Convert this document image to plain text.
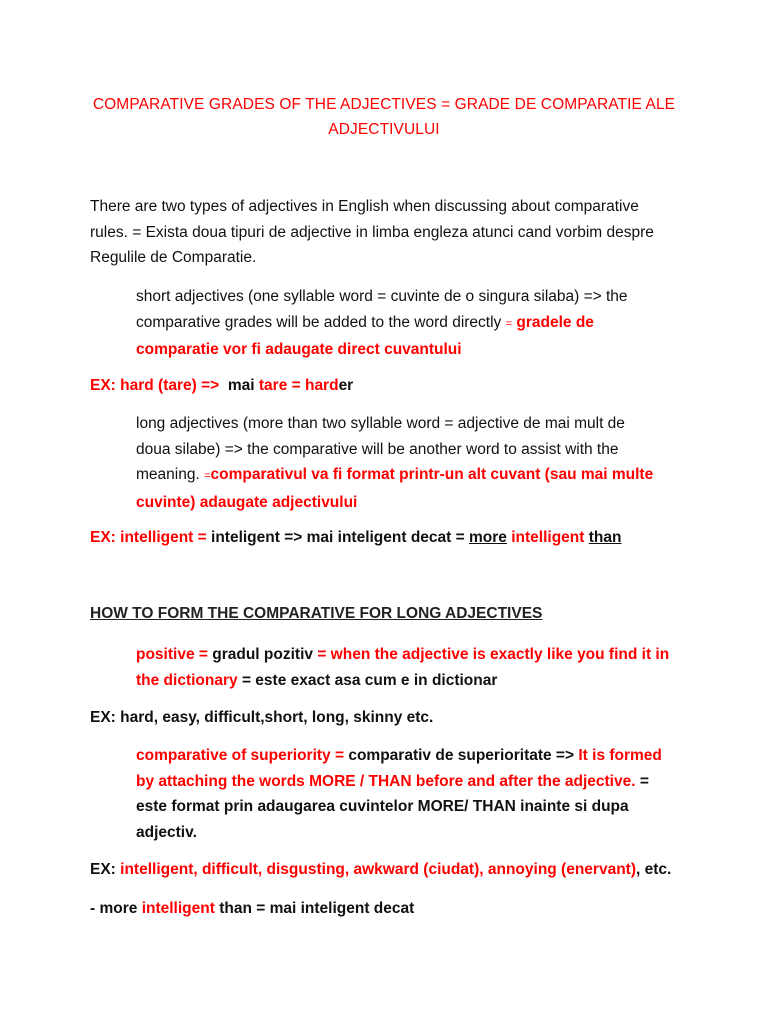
COMPARATIVE GRADES OF THE ADJECTIVES = GRADE DE COMPARATIE ALE
ADJECTIVULUI
There are two types of adjectives in English when discussing about comparative
rules. = Exista doua tipuri de adjective in limba engleza atunci cand vorbim despre
Regulile de Comparatie.
short adjectives (one syllable word = cuvinte de o singura silaba) => the
comparative grades will be added to the word directly = gradele de
comparatie vor fi adaugate direct cuvantului
EX: hard (tare) => mai tare = harder
long adjectives (more than two syllable word = adjective de mai mult de
doua silabe) => the comparative will be another word to assist with the
meaning. =comparativul va fi format printr-un alt cuvant (sau mai multe
cuvinte) adaugate adjectivului
EX: intelligent = inteligent => mai inteligent decat = more intelligent than
HOW TO FORM THE COMPARATIVE FOR LONG ADJECTIVES
positive = gradul pozitiv = when the adjective is exactly like you find it in
the dictionary = este exact asa cum e in dictionar
EX: hard, easy, difficult,short, long, skinny etc.
comparative of superiority = comparativ de superioritate => It is formed
by attaching the words MORE / THAN before and after the adjective. =
este format prin adaugarea cuvintelor MORE/ THAN inainte si dupa
adjectiv.
EX: intelligent, difficult, disgusting, awkward (ciudat), annoying (enervant), etc.
- more intelligent than = mai inteligent decat
